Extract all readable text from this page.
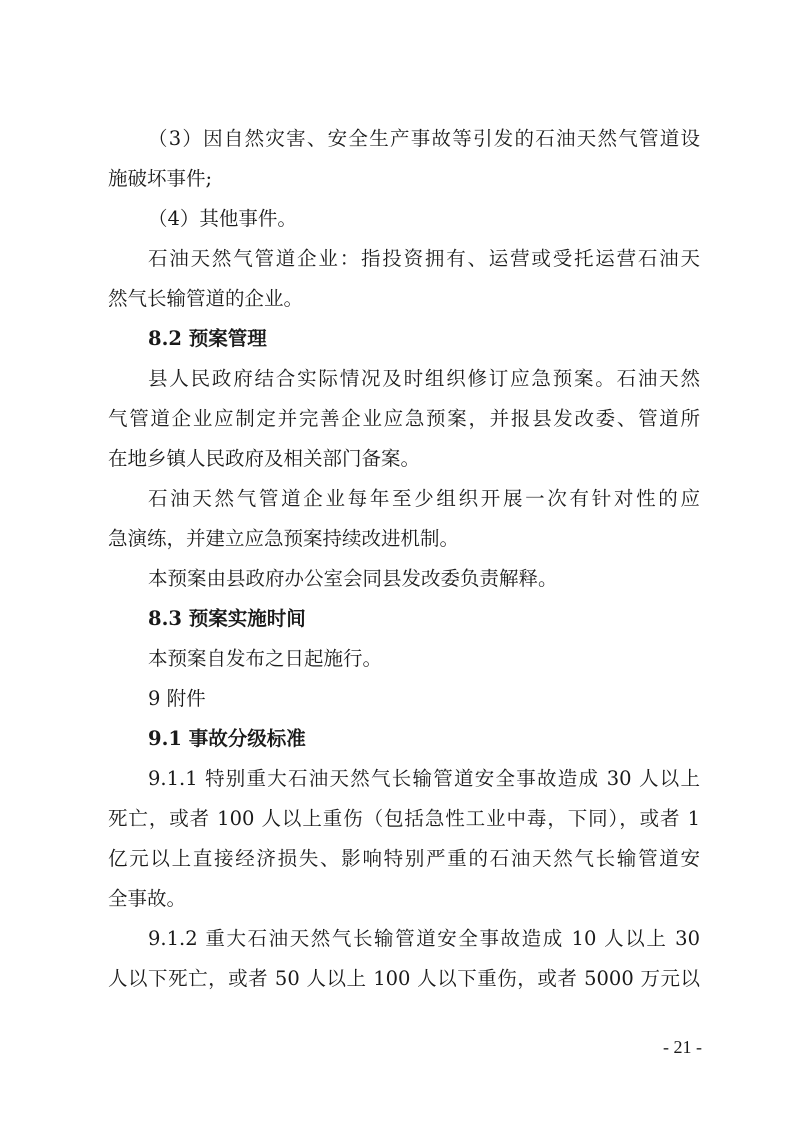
（3）因自然灾害、安全生产事故等引发的石油天然气管道设
施破坏事件;
（4）其他事件。
石油天然气管道企业：指投资拥有、运营或受托运营石油天
然气长输管道的企业。
8.2 预案管理
县人民政府结合实际情况及时组织修订应急预案。石油天然
气管道企业应制定并完善企业应急预案，并报县发改委、管道所
在地乡镇人民政府及相关部门备案。
石油天然气管道企业每年至少组织开展一次有针对性的应
急演练，并建立应急预案持续改进机制。
本预案由县政府办公室会同县发改委负责解释。
8.3 预案实施时间
本预案自发布之日起施行。
9 附件
9.1 事故分级标准
9.1.1 特别重大石油天然气长输管道安全事故造成 30 人以上
死亡，或者 100 人以上重伤（包括急性工业中毒，下同），或者 1
亿元以上直接经济损失、影响特别严重的石油天然气长输管道安
全事故。
9.1.2 重大石油天然气长输管道安全事故造成 10 人以上 30
人以下死亡，或者 50 人以上 100 人以下重伤，或者 5000 万元以
- 21 -
